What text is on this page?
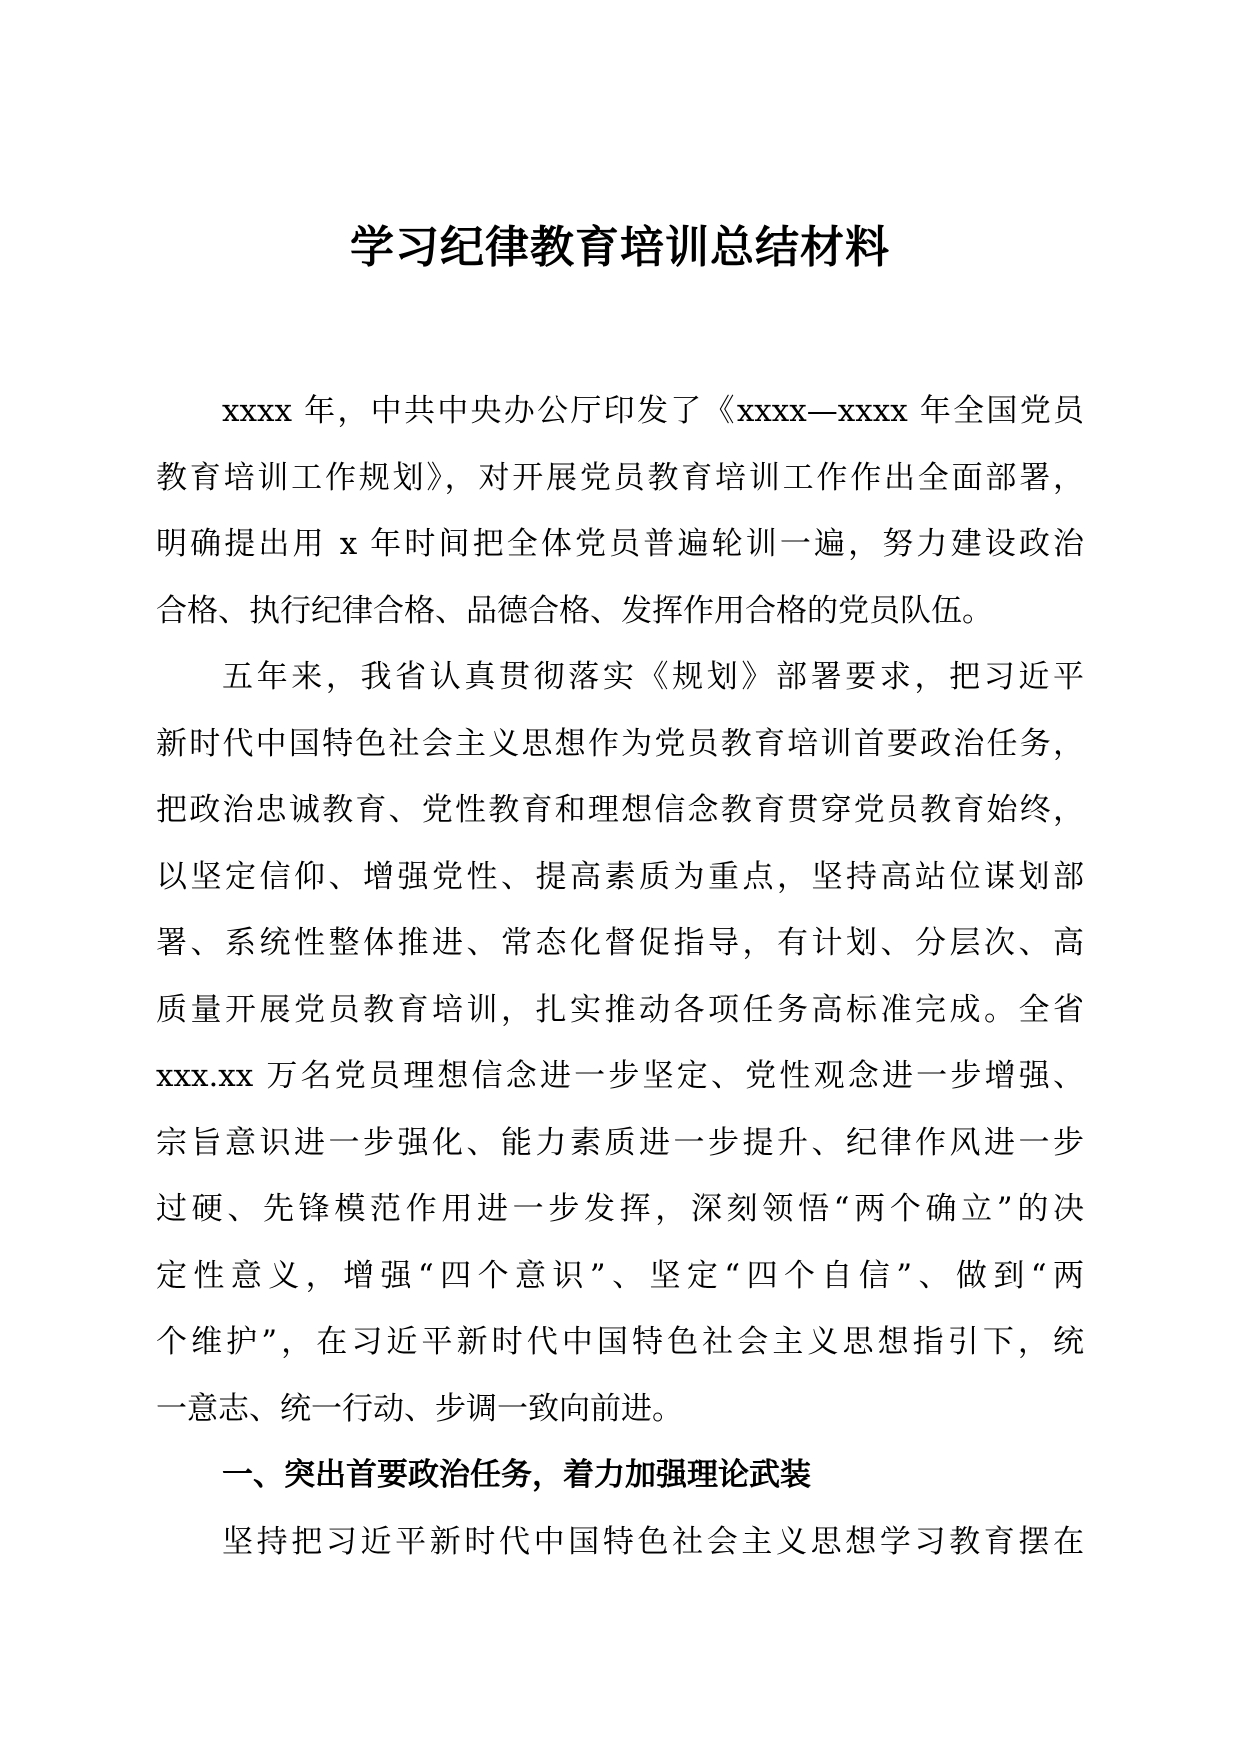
学习纪律教育培训总结材料
xxxx 年，中共中央办公厅印发了《xxxx—xxxx 年全国党员
教育培训工作规划》，对开展党员教育培训工作作出全面部署，
明确提出用 x 年时间把全体党员普遍轮训一遍，努力建设政治
合格、执行纪律合格、品德合格、发挥作用合格的党员队伍。
五年来，我省认真贯彻落实《规划》部署要求，把习近平
新时代中国特色社会主义思想作为党员教育培训首要政治任务，
把政治忠诚教育、党性教育和理想信念教育贯穿党员教育始终，
以坚定信仰、增强党性、提高素质为重点，坚持高站位谋划部
署、系统性整体推进、常态化督促指导，有计划、分层次、高
质量开展党员教育培训，扎实推动各项任务高标准完成。全省
xxx.xx 万名党员理想信念进一步坚定、党性观念进一步增强、
宗旨意识进一步强化、能力素质进一步提升、纪律作风进一步
过硬、先锋模范作用进一步发挥，深刻领悟“两个确立”的决
定性意义，增强“四个意识”、坚定“四个自信”、做到“两
个维护”，在习近平新时代中国特色社会主义思想指引下，统
一意志、统一行动、步调一致向前进。
一、突出首要政治任务，着力加强理论武装
坚持把习近平新时代中国特色社会主义思想学习教育摆在
